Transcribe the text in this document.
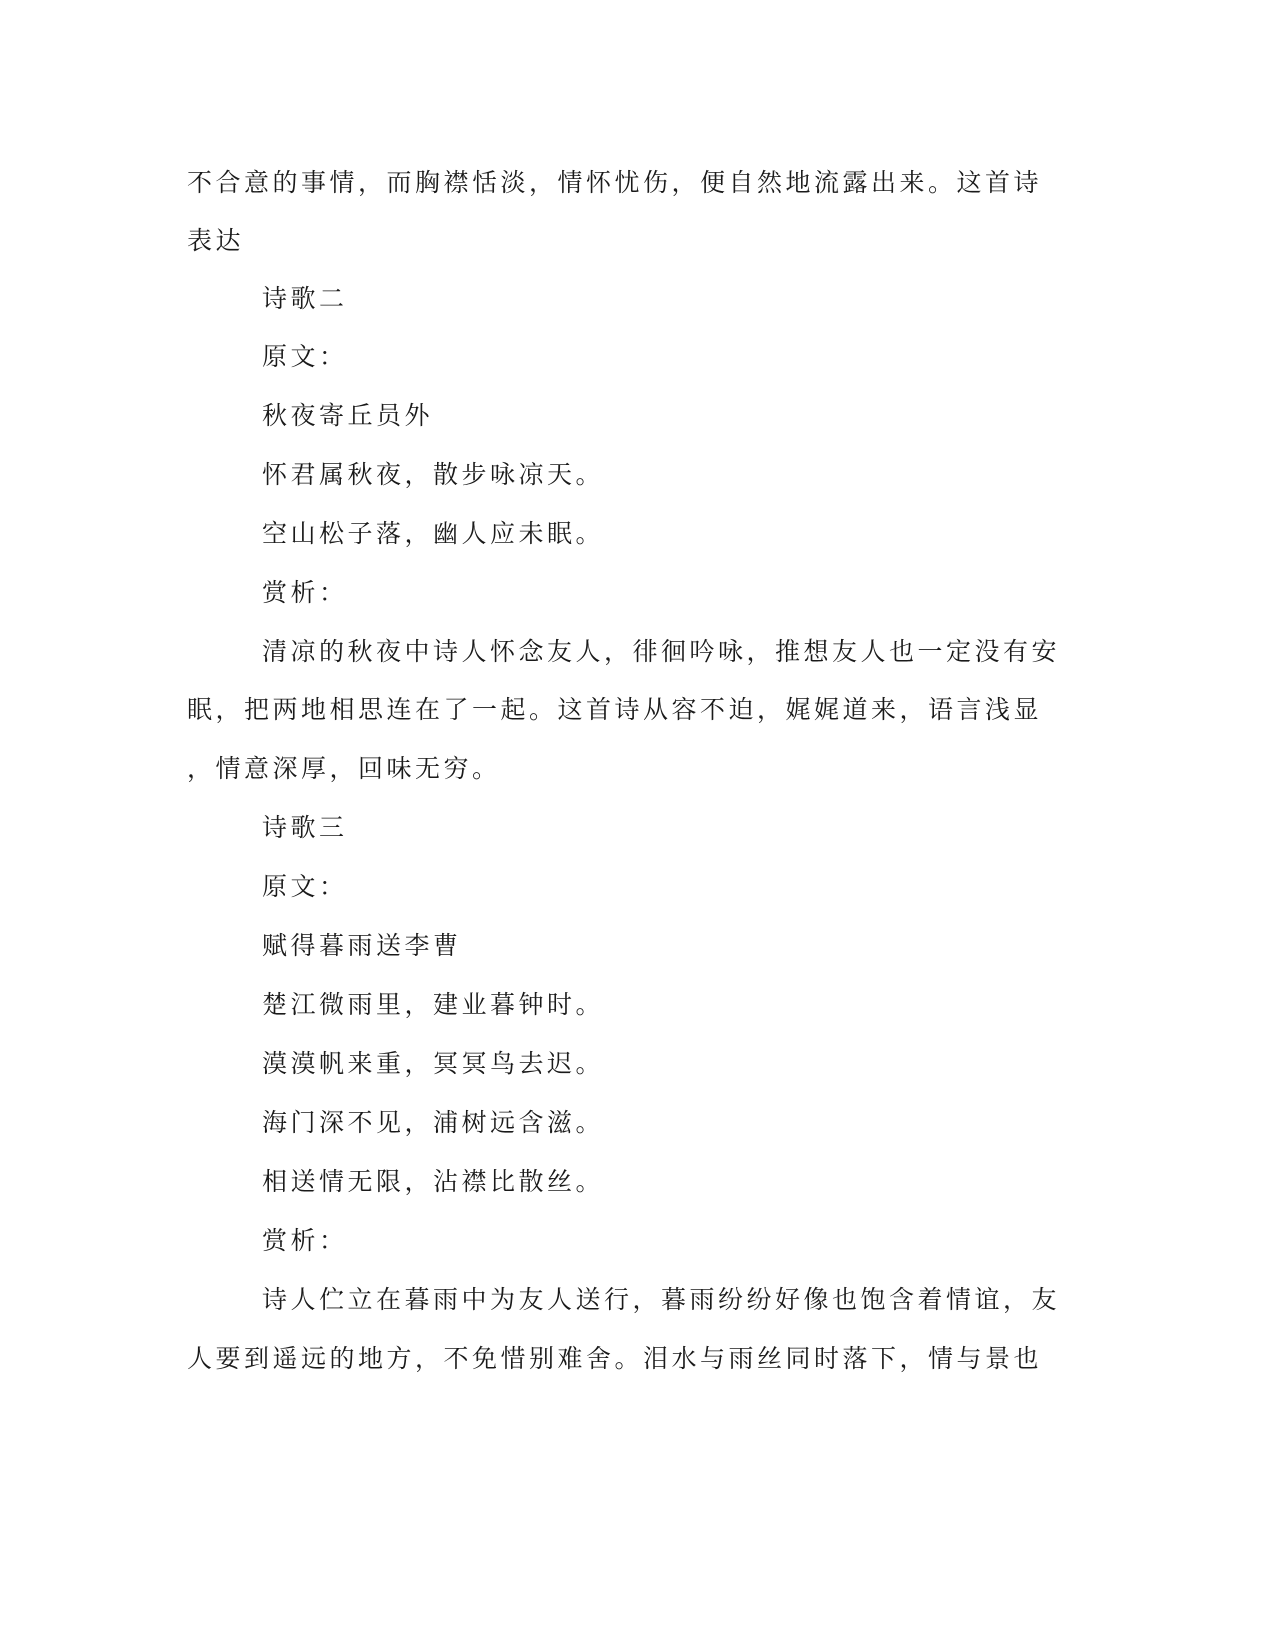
不合意的事情，而胸襟恬淡，情怀忧伤，便自然地流露出来。这首诗
表达
诗歌二
原文：
秋夜寄丘员外
怀君属秋夜，散步咏凉天。
空山松子落，幽人应未眠。
赏析：
清凉的秋夜中诗人怀念友人，徘徊吟咏，推想友人也一定没有安
眠，把两地相思连在了一起。这首诗从容不迫，娓娓道来，语言浅显
，情意深厚，回味无穷。
诗歌三
原文：
赋得暮雨送李曹
楚江微雨里，建业暮钟时。
漠漠帆来重，冥冥鸟去迟。
海门深不见，浦树远含滋。
相送情无限，沾襟比散丝。
赏析：
诗人伫立在暮雨中为友人送行，暮雨纷纷好像也饱含着情谊，友
人要到遥远的地方，不免惜别难舍。泪水与雨丝同时落下，情与景也
